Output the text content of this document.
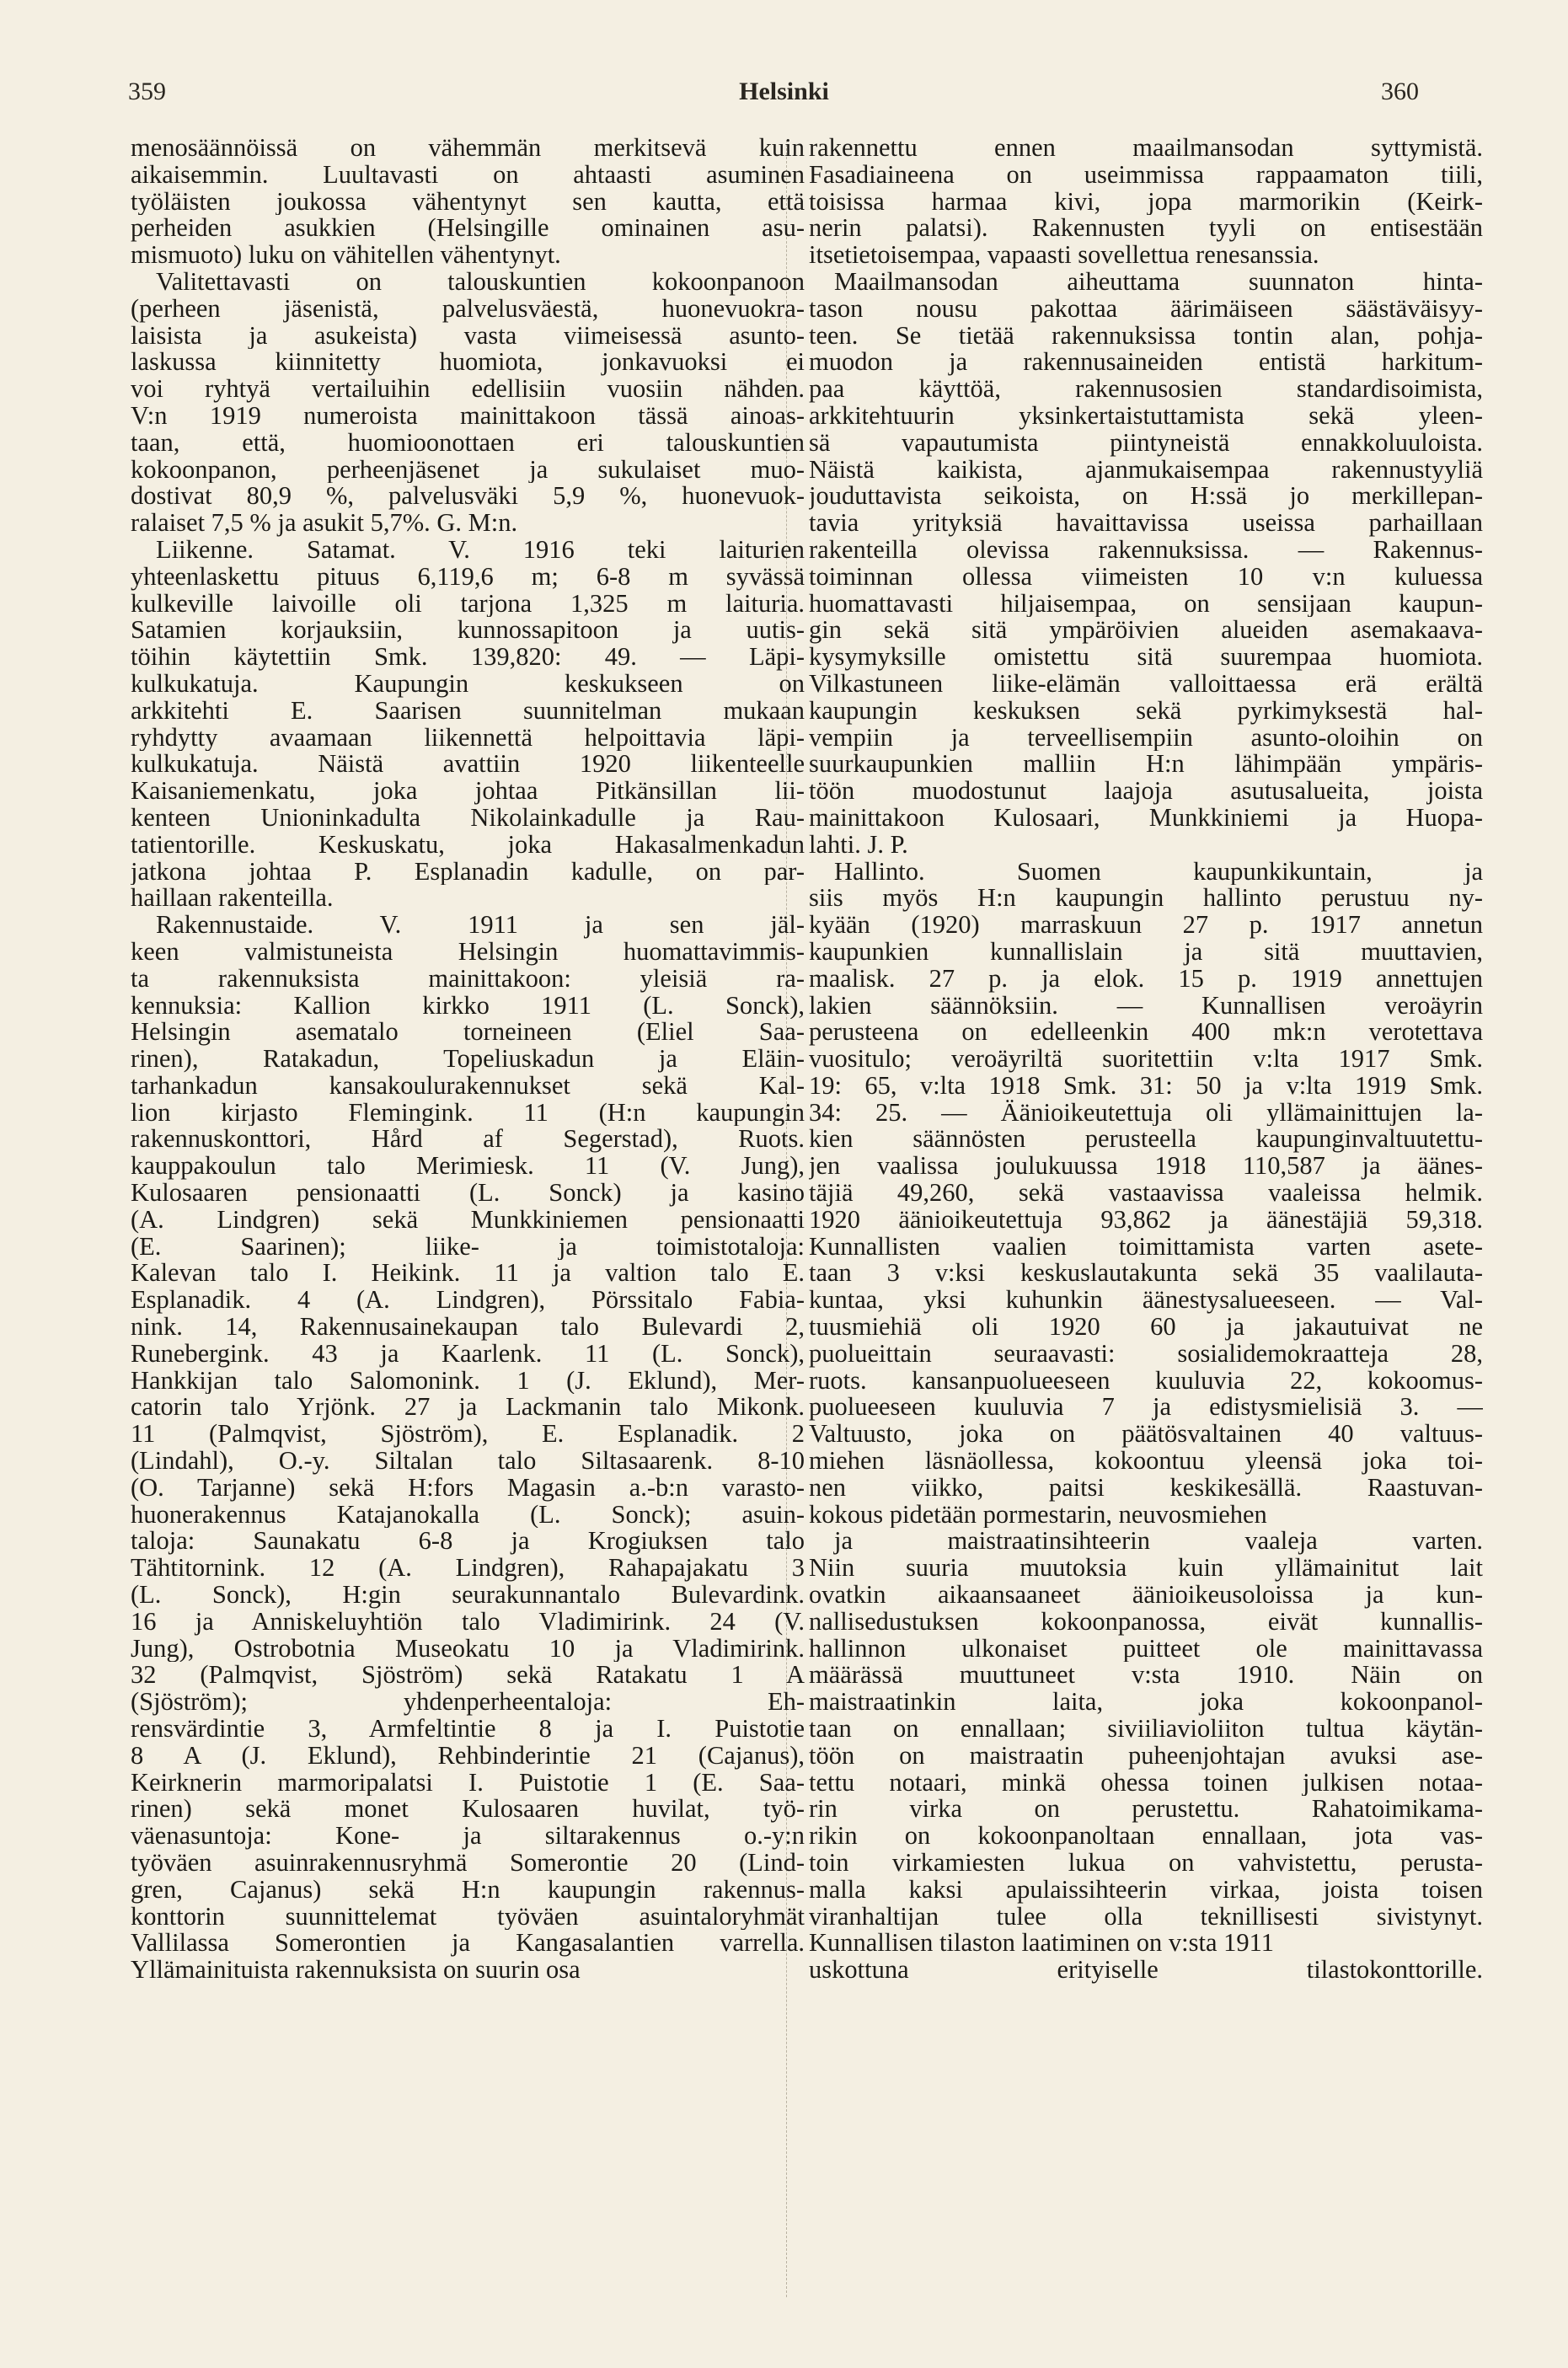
359	Helsinki	360
menosäännöissä on vähemmän merkitsevä kuin
aikaisemmin. Luultavasti on ahtaasti asuminen
työläisten joukossa vähentynyt sen kautta, että
perheiden asukkien (Helsingille ominainen asu-
mismuoto) luku on vähitellen vähentynyt.
Valitettavasti on talouskuntien kokoonpanoon
(perheen jäsenistä, palvelusväestä, huonevuokra-
laisista ja asukeista) vasta viimeisessä asunto-
laskussa kiinnitetty huomiota, jonkavuoksi ei
voi ryhtyä vertailuihin edellisiin vuosiin nähden.
V:n 1919 numeroista mainittakoon tässä ainoas-
taan, että, huomioonottaen eri talouskuntien
kokoonpanon, perheenjäsenet ja sukulaiset muo-
dostivat 80,9 %, palvelusväki 5,9 %, huonevuok-
ralaiset 7,5 % ja asukit 5,7%. G. M:n.
Liikenne. Satamat. V. 1916 teki laiturien
yhteenlaskettu pituus 6,119,6 m; 6-8 m syvässä
kulkeville laivoille oli tarjona 1,325 m laituria.
Satamien korjauksiin, kunnossapitoon ja uutis-
töihin käytettiin Smk. 139,820: 49. — Läpi-
kulkukatuja. Kaupungin keskukseen on
arkkitehti E. Saarisen suunnitelman mukaan
ryhdytty avaamaan liikennettä helpoittavia läpi-
kulkukatuja. Näistä avattiin 1920 liikenteelle
Kaisaniemenkatu, joka johtaa Pitkänsillan lii-
kenteen Unioninkadulta Nikolainkadulle ja Rau-
tatientorille. Keskuskatu, joka Hakasalmenkadun
jatkona johtaa P. Esplanadin kadulle, on par-
haillaan rakenteilla.
Rakennustaide. V. 1911 ja sen jäl-
keen valmistuneista Helsingin huomattavimmis-
ta rakennuksista mainittakoon: yleisiä ra-
kennuksia: Kallion kirkko 1911 (L. Sonck),
Helsingin asematalo torneineen (Eliel Saa-
rinen), Ratakadun, Topeliuskadun ja Eläin-
tarhankadun kansakoulurakennukset sekä Kal-
lion kirjasto Flemingink. 11 (H:n kaupungin
rakennuskonttori, Hård af Segerstad), Ruots.
kauppakoulun talo Merimiesk. 11 (V. Jung),
Kulosaaren pensionaatti (L. Sonck) ja kasino
(A. Lindgren) sekä Munkkiniemen pensionaatti
(E. Saarinen); liike- ja toimistotaloja:
Kalevan talo I. Heikink. 11 ja valtion talo E.
Esplanadik. 4 (A. Lindgren), Pörssitalo Fabia-
nink. 14, Rakennusainekaupan talo Bulevardi 2,
Runebergink. 43 ja Kaarlenk. 11 (L. Sonck),
Hankkijan talo Salomonink. 1 (J. Eklund), Mer-
catorin talo Yrjönk. 27 ja Lackmanin talo Mikonk.
11 (Palmqvist, Sjöström), E. Esplanadik. 2
(Lindahl), O.-y. Siltalan talo Siltasaarenk. 8-10
(O. Tarjanne) sekä H:fors Magasin a.-b:n varasto-
huonerakennus Katajanokalla (L. Sonck); asuin-
taloja: Saunakatu 6-8 ja Krogiuksen talo
Tähtitornink. 12 (A. Lindgren), Rahapajakatu 3
(L. Sonck), H:gin seurakunnantalo Bulevardink.
16 ja Anniskeluyhtiön talo Vladimirink. 24 (V.
Jung), Ostrobotnia Museokatu 10 ja Vladimirink.
32 (Palmqvist, Sjöström) sekä Ratakatu 1 A
(Sjöström); yhdenperheentaloja: Eh-
rensvärdintie 3, Armfeltintie 8 ja I. Puistotie
8 A (J. Eklund), Rehbinderintie 21 (Cajanus),
Keirknerin marmoripalatsi I. Puistotie 1 (E. Saa-
rinen) sekä monet Kulosaaren huvilat, työ-
väenasuntoja: Kone- ja siltarakennus o.-y:n
työväen asuinrakennusryhmä Somerontie 20 (Lind-
gren, Cajanus) sekä H:n kaupungin rakennus-
konttorin suunnittelemat työväen asuintaloryhmät
Vallilassa Somerontien ja Kangasalantien varrella.
Yllämainituista rakennuksista on suurin osa
rakennettu ennen maailmansodan syttymistä.
Fasadiaineena on useimmissa rappaamaton tiili,
toisissa harmaa kivi, jopa marmorikin (Keirk-
nerin palatsi). Rakennusten tyyli on entisestään
itsetietoisempaa, vapaasti sovellettua renesanssia.
Maailmansodan aiheuttama suunnaton hinta-
tason nousu pakottaa äärimäiseen säästäväisyy-
teen. Se tietää rakennuksissa tontin alan, pohja-
muodon ja rakennusaineiden entistä harkitum-
paa käyttöä, rakennusosien standardisoimista,
arkkitehtuurin yksinkertaistuttamista sekä yleen-
sä vapautumista piintyneistä ennakkoluuloista.
Näistä kaikista, ajanmukaisempaa rakennustyyliä
jouduttavista seikoista, on H:ssä jo merkillepan-
tavia yrityksiä havaittavissa useissa parhaillaan
rakenteilla olevissa rakennuksissa. — Rakennus-
toiminnan ollessa viimeisten 10 v:n kuluessa
huomattavasti hiljaisempaa, on sensijaan kaupun-
gin sekä sitä ympäröivien alueiden asemakaava-
kysymyksille omistettu sitä suurempaa huomiota.
Vilkastuneen liike-elämän valloittaessa erä erältä
kaupungin keskuksen sekä pyrkimyksestä hal-
vempiin ja terveellisempiin asunto-oloihin on
suurkaupunkien malliin H:n lähimpään ympäris-
töön muodostunut laajoja asutusalueita, joista
mainittakoon Kulosaari, Munkkiniemi ja Huopa-
lahti. J. P.
Hallinto. Suomen kaupunkikuntain, ja
siis myös H:n kaupungin hallinto perustuu ny-
kyään (1920) marraskuun 27 p. 1917 annetun
kaupunkien kunnallislain ja sitä muuttavien,
maalisk. 27 p. ja elok. 15 p. 1919 annettujen
lakien säännöksiin. — Kunnallisen veroäyrin
perusteena on edelleenkin 400 mk:n verotettava
vuositulo; veroäyriltä suoritettiin v:lta 1917 Smk.
19: 65, v:lta 1918 Smk. 31: 50 ja v:lta 1919 Smk.
34: 25. — Äänioikeutettuja oli yllämainittujen la-
kien säännösten perusteella kaupunginvaltuutettu-
jen vaalissa joulukuussa 1918 110,587 ja äänes-
täjiä 49,260, sekä vastaavissa vaaleissa helmik.
1920 äänioikeutettuja 93,862 ja äänestäjiä 59,318.
Kunnallisten vaalien toimittamista varten asete-
taan 3 v:ksi keskuslautakunta sekä 35 vaalilauta-
kuntaa, yksi kuhunkin äänestysalueeseen. — Val-
tuusmiehiä oli 1920 60 ja jakautuivat ne
puolueittain seuraavasti: sosialidemokraatteja 28,
ruots. kansanpuolueeseen kuuluvia 22, kokoomus-
puolueeseen kuuluvia 7 ja edistysmielisiä 3. —
Valtuusto, joka on päätösvaltainen 40 valtuus-
miehen läsnäollessa, kokoontuu yleensä joka toi-
nen viikko, paitsi keskikesällä. Raastuvan-
kokous pidetään pormestarin, neuvosmiehen
ja maistraatinsihteerin vaaleja varten.
Niin suuria muutoksia kuin yllämainitut lait
ovatkin aikaansaaneet äänioikeusoloissa ja kun-
nallisedustuksen kokoonpanossa, eivät kunnallis-
hallinnon ulkonaiset puitteet ole mainittavassa
määrässä muuttuneet v:sta 1910. Näin on
maistraatinkin laita, joka kokoonpanol-
taan on ennallaan; siviiliavioliiton tultua käytän-
töön on maistraatin puheenjohtajan avuksi ase-
tettu notaari, minkä ohessa toinen julkisen notaa-
rin virka on perustettu. Rahatoimikama-
rikin on kokoonpanoltaan ennallaan, jota vas-
toin virkamiesten lukua on vahvistettu, perusta-
malla kaksi apulaissihteerin virkaa, joista toisen
viranhaltijan tulee olla teknillisesti sivistynyt.
Kunnallisen tilaston laatiminen on v:sta 1911
uskottuna erityiselle tilastokonttorille.
